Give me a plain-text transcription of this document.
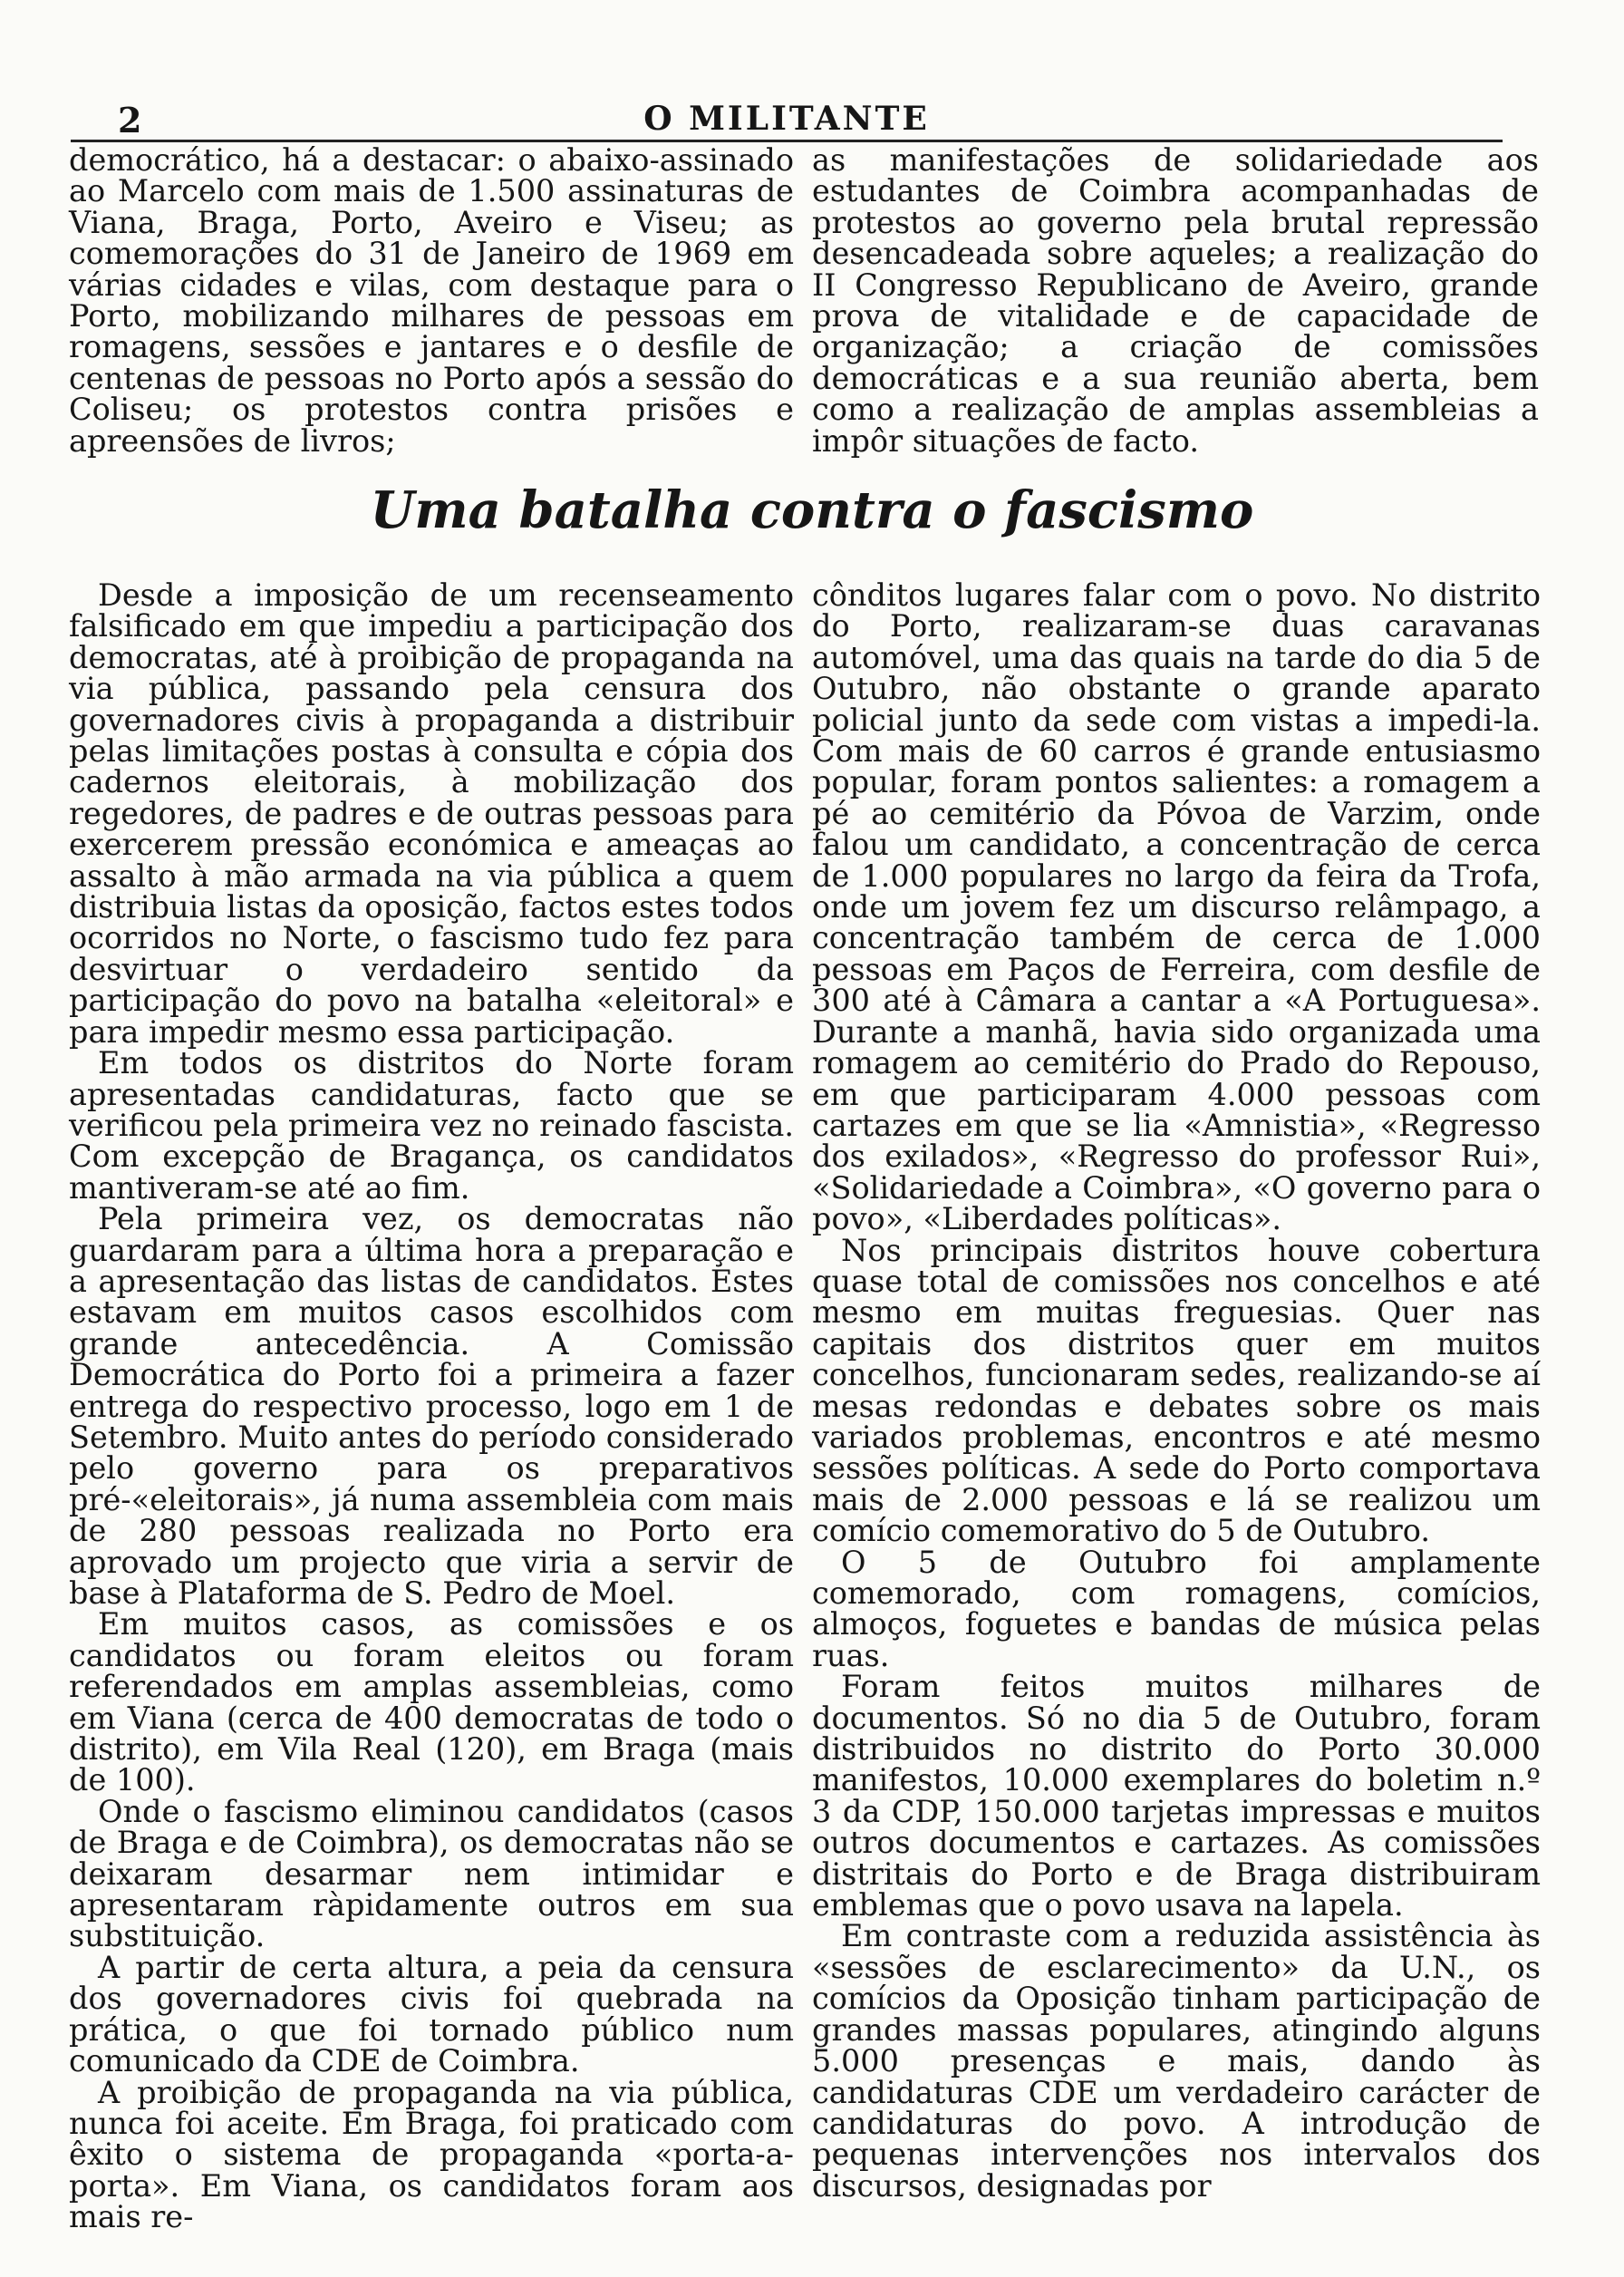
2	O MILITANTE

democrático, há a destacar: o abaixo-assinado ao Marcelo com mais de 1.500 assinaturas de Viana, Braga, Porto, Aveiro e Viseu; as comemorações do 31 de Janeiro de 1969 em várias cidades e vilas, com destaque para o Porto, mobilizando milhares de pessoas em romagens, sessões e jantares e o desfile de centenas de pessoas no Porto após a sessão do Coliseu; os protestos contra prisões e apreensões de livros;

as manifestações de solidariedade aos estudantes de Coimbra acompanhadas de protestos ao governo pela brutal repressão desencadeada sobre aqueles; a realização do II Congresso Republicano de Aveiro, grande prova de vitalidade e de capacidade de organização; a criação de comissões democráticas e a sua reunião aberta, bem como a realização de amplas assembleias a impôr situações de facto.

Uma batalha contra o fascismo

Desde a imposição de um recenseamento falsificado em que impediu a participação dos democratas, até à proibição de propaganda na via pública, passando pela censura dos governadores civis à propaganda a distribuir pelas limitações postas à consulta e cópia dos cadernos eleitorais, à mobilização dos regedores, de padres e de outras pessoas para exercerem pressão económica e ameaças ao assalto à mão armada na via pública a quem distribuia listas da oposição, factos estes todos ocorridos no Norte, o fascismo tudo fez para desvirtuar o verdadeiro sentido da participação do povo na batalha «eleitoral» e para impedir mesmo essa participação.

Em todos os distritos do Norte foram apresentadas candidaturas, facto que se verificou pela primeira vez no reinado fascista. Com excepção de Bragança, os candidatos mantiveram-se até ao fim.

Pela primeira vez, os democratas não guardaram para a última hora a preparação e a apresentação das listas de candidatos. Estes estavam em muitos casos escolhidos com grande antecedência. A Comissão Democrática do Porto foi a primeira a fazer entrega do respectivo processo, logo em 1 de Setembro. Muito antes do período considerado pelo governo para os preparativos pré-«eleitorais», já numa assembleia com mais de 280 pessoas realizada no Porto era aprovado um projecto que viria a servir de base à Plataforma de S. Pedro de Moel.

Em muitos casos, as comissões e os candidatos ou foram eleitos ou foram referendados em amplas assembleias, como em Viana (cerca de 400 democratas de todo o distrito), em Vila Real (120), em Braga (mais de 100).

Onde o fascismo eliminou candidatos (casos de Braga e de Coimbra), os democratas não se deixaram desarmar nem intimidar e apresentaram ràpidamente outros em sua substituição.

A partir de certa altura, a peia da censura dos governadores civis foi quebrada na prática, o que foi tornado público num comunicado da CDE de Coimbra.

A proibição de propaganda na via pública, nunca foi aceite. Em Braga, foi praticado com êxito o sistema de propaganda «porta-a-porta». Em Viana, os candidatos foram aos mais re-

cônditos lugares falar com o povo. No distrito do Porto, realizaram-se duas caravanas automóvel, uma das quais na tarde do dia 5 de Outubro, não obstante o grande aparato policial junto da sede com vistas a impedi-la. Com mais de 60 carros é grande entusiasmo popular, foram pontos salientes: a romagem a pé ao cemitério da Póvoa de Varzim, onde falou um candidato, a concentração de cerca de 1.000 populares no largo da feira da Trofa, onde um jovem fez um discurso relâmpago, a concentração também de cerca de 1.000 pessoas em Paços de Ferreira, com desfile de 300 até à Câmara a cantar a «A Portuguesa». Durante a manhã, havia sido organizada uma romagem ao cemitério do Prado do Repouso, em que participaram 4.000 pessoas com cartazes em que se lia «Amnistia», «Regresso dos exilados», «Regresso do professor Rui», «Solidariedade a Coimbra», «O governo para o povo», «Liberdades políticas».

Nos principais distritos houve cobertura quase total de comissões nos concelhos e até mesmo em muitas freguesias. Quer nas capitais dos distritos quer em muitos concelhos, funcionaram sedes, realizando-se aí mesas redondas e debates sobre os mais variados problemas, encontros e até mesmo sessões políticas. A sede do Porto comportava mais de 2.000 pessoas e lá se realizou um comício comemorativo do 5 de Outubro.

O 5 de Outubro foi amplamente comemorado, com romagens, comícios, almoços, foguetes e bandas de música pelas ruas.

Foram feitos muitos milhares de documentos. Só no dia 5 de Outubro, foram distribuidos no distrito do Porto 30.000 manifestos, 10.000 exemplares do boletim n.º 3 da CDP, 150.000 tarjetas impressas e muitos outros documentos e cartazes. As comissões distritais do Porto e de Braga distribuiram emblemas que o povo usava na lapela.

Em contraste com a reduzida assistência às «sessões de esclarecimento» da U.N., os comícios da Oposição tinham participação de grandes massas populares, atingindo alguns 5.000 presenças e mais, dando às candidaturas CDE um verdadeiro carácter de candidaturas do povo. A introdução de pequenas intervenções nos intervalos dos discursos, designadas por
